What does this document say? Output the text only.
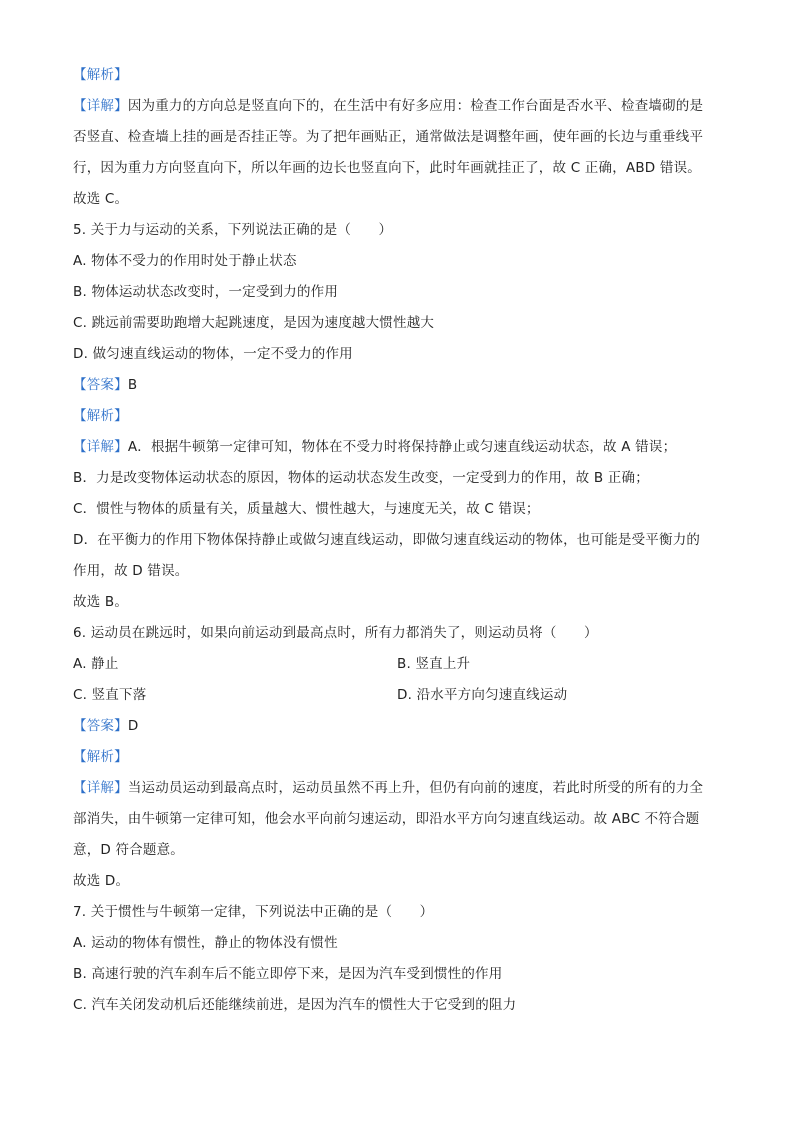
【解析】
【详解】因为重力的方向总是竖直向下的，在生活中有好多应用：检查工作台面是否水平、检查墙砌的是
否竖直、检查墙上挂的画是否挂正等。为了把年画贴正，通常做法是调整年画，使年画的长边与重垂线平
行，因为重力方向竖直向下，所以年画的边长也竖直向下，此时年画就挂正了，故 C 正确，ABD 错误。
故选 C。
5. 关于力与运动的关系，下列说法正确的是（　　）
A. 物体不受力的作用时处于静止状态
B. 物体运动状态改变时，一定受到力的作用
C. 跳远前需要助跑增大起跳速度，是因为速度越大惯性越大
D. 做匀速直线运动的物体，一定不受力的作用
【答案】B
【解析】
【详解】A．根据牛顿第一定律可知，物体在不受力时将保持静止或匀速直线运动状态，故 A 错误；
B．力是改变物体运动状态的原因，物体的运动状态发生改变，一定受到力的作用，故 B 正确；
C．惯性与物体的质量有关，质量越大、惯性越大，与速度无关，故 C 错误；
D．在平衡力的作用下物体保持静止或做匀速直线运动，即做匀速直线运动的物体，也可能是受平衡力的
作用，故 D 错误。
故选 B。
6. 运动员在跳远时，如果向前运动到最高点时，所有力都消失了，则运动员将（　　）
A. 静止	B. 竖直上升
C. 竖直下落	D. 沿水平方向匀速直线运动
【答案】D
【解析】
【详解】当运动员运动到最高点时，运动员虽然不再上升，但仍有向前的速度，若此时所受的所有的力全
部消失，由牛顿第一定律可知，他会水平向前匀速运动，即沿水平方向匀速直线运动。故 ABC 不符合题
意，D 符合题意。
故选 D。
7. 关于惯性与牛顿第一定律，下列说法中正确的是（　　）
A. 运动的物体有惯性，静止的物体没有惯性
B. 高速行驶的汽车刹车后不能立即停下来，是因为汽车受到惯性的作用
C. 汽车关闭发动机后还能继续前进，是因为汽车的惯性大于它受到的阻力
